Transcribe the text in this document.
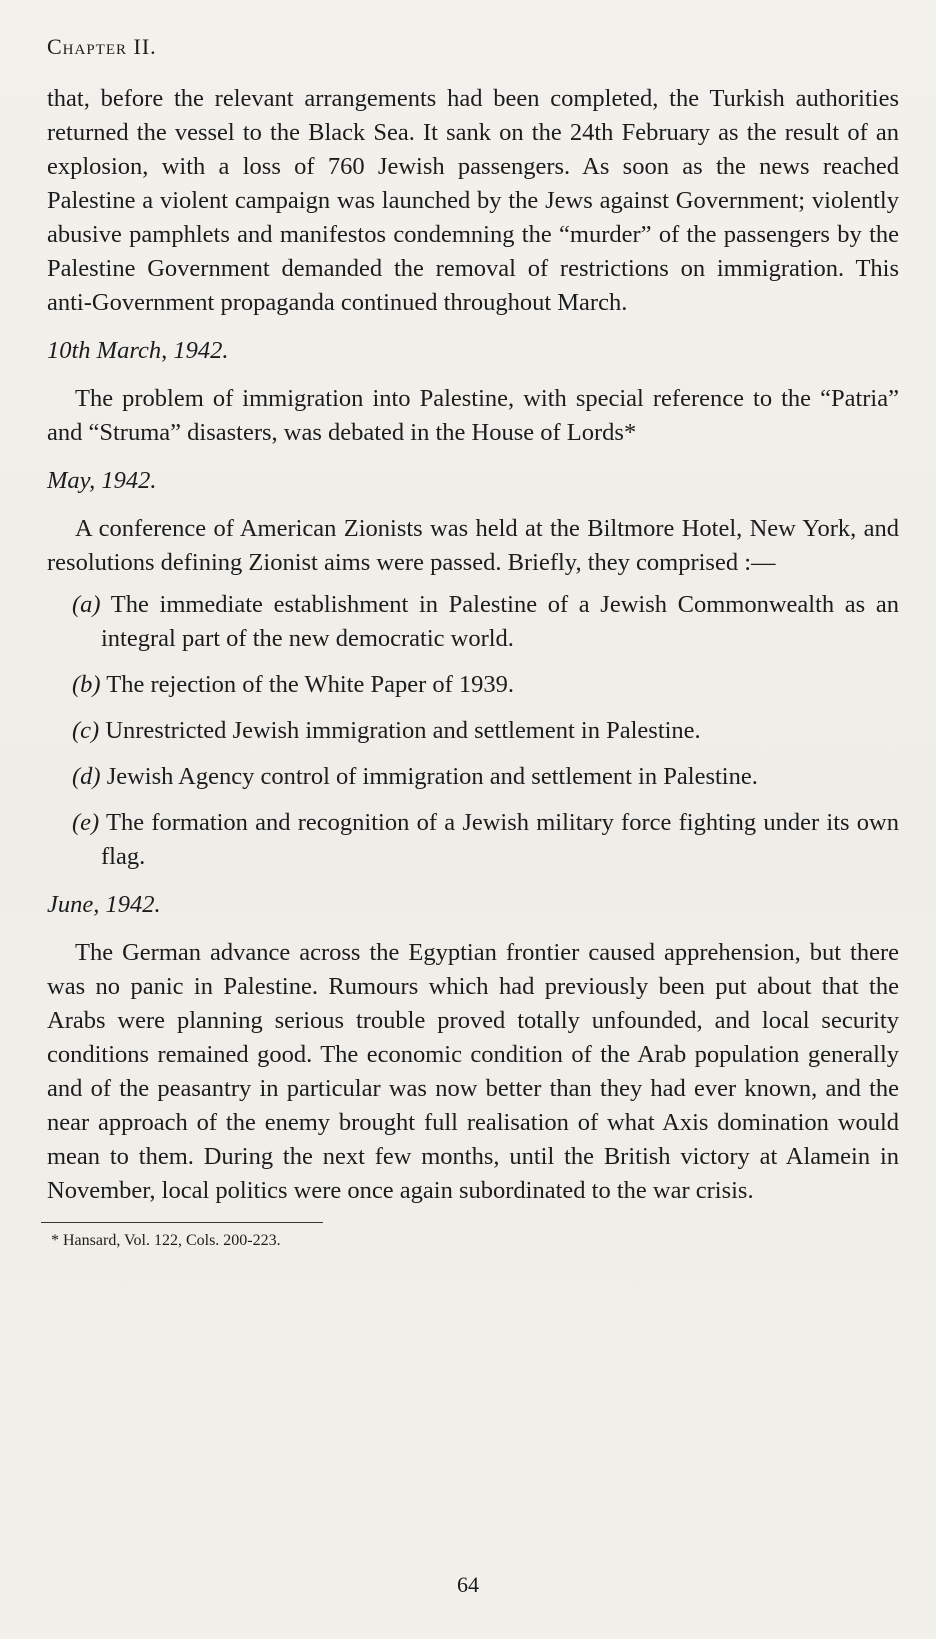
Chapter II.

that, before the relevant arrangements had been completed, the Turkish authorities returned the vessel to the Black Sea. It sank on the 24th February as the result of an explosion, with a loss of 760 Jewish passengers. As soon as the news reached Palestine a violent campaign was launched by the Jews against Government; violently abusive pamphlets and manifestos condemning the “murder” of the passengers by the Palestine Government demanded the removal of restrictions on immigration. This anti-Government propaganda continued throughout March.

10th March, 1942.

The problem of immigration into Palestine, with special reference to the “Patria” and “Struma” disasters, was debated in the House of Lords*

May, 1942.

A conference of American Zionists was held at the Biltmore Hotel, New York, and resolutions defining Zionist aims were passed. Briefly, they comprised :—

(a) The immediate establishment in Palestine of a Jewish Commonwealth as an integral part of the new democratic world.
(b) The rejection of the White Paper of 1939.
(c) Unrestricted Jewish immigration and settlement in Palestine.
(d) Jewish Agency control of immigration and settlement in Palestine.
(e) The formation and recognition of a Jewish military force fighting under its own flag.
June, 1942.

The German advance across the Egyptian frontier caused apprehension, but there was no panic in Palestine. Rumours which had previously been put about that the Arabs were planning serious trouble proved totally unfounded, and local security conditions remained good. The economic condition of the Arab population generally and of the peasantry in particular was now better than they had ever known, and the near approach of the enemy brought full realisation of what Axis domination would mean to them. During the next few months, until the British victory at Alamein in November, local politics were once again subordinated to the war crisis.

* Hansard, Vol. 122, Cols. 200-223.
64
